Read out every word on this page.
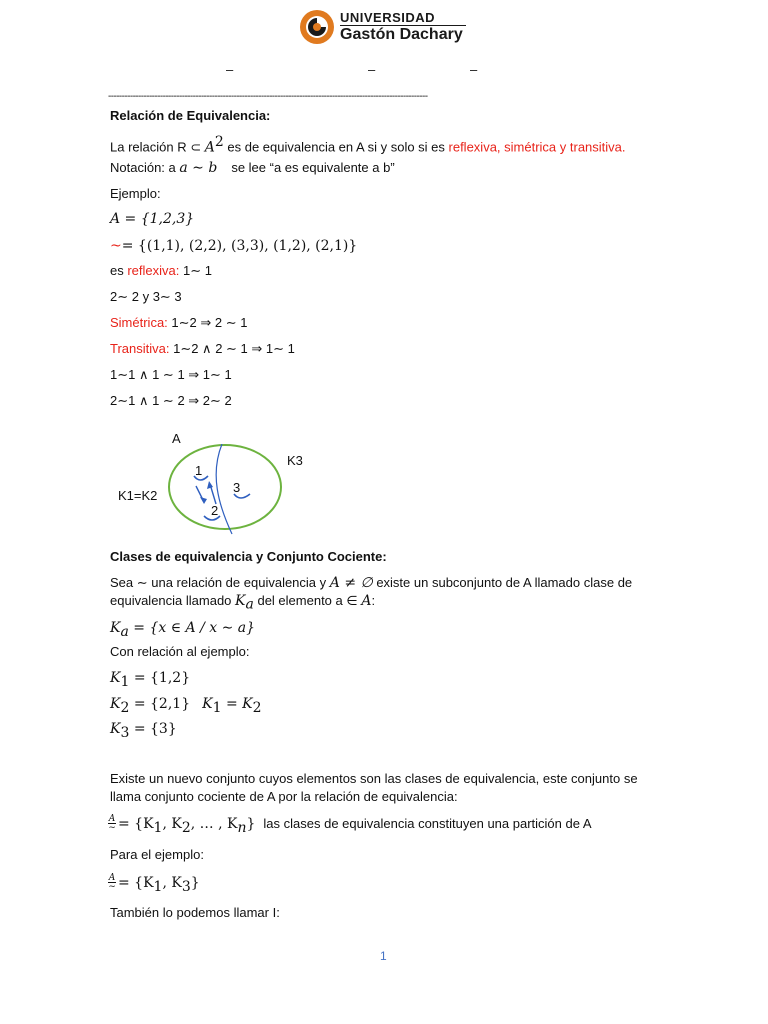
UNIVERSIDAD
Gastón Dachary
–	–	–
---------------------------------------------------------------------------------------------------------------------
Relación de Equivalencia:
La relación R ⊂ $A^2$ es de equivalencia en A si y solo si es reflexiva, simétrica y transitiva.
Notación: a a ∼ b se lee “a es equivalente a b”
Ejemplo:
A = {1,2,3}
~= {(1,1), (2,2), (3,3), (1,2), (2,1)}
es reflexiva: 1∼ 1
2∼ 2 y 3∼ 3
Simétrica: 1∼2 ⇒ 2 ∼ 1
Transitiva: 1∼2 ∧ 2 ∼ 1 ⇒ 1∼ 1
1∼1 ∧ 1 ∼ 1 ⇒ 1∼ 1
2∼1 ∧ 1 ∼ 2 ⇒ 2∼ 2
A
K3
K1=K2
1
3
2
Clases de equivalencia y Conjunto Cociente:
Sea ∼ una relación de equivalencia y A ≠ ∅ existe un subconjunto de A llamado clase de
equivalencia llamado $K_a$ del elemento a ∈ A:
$K_a = \{x$ ∈ A / x ∼ a}
Con relación al ejemplo:
$K_1 = \{1,2\}$
$K_2 = \{2,1\} K_1 = K_2$
$K_3 = \{3\}$
Existe un nuevo conjunto cuyos elementos son las clases de equivalencia, este conjunto se
llama conjunto cociente de A por la relación de equivalencia:
$\frac{A}{\sim} = \{K_1$, $K_2$, … , $K_n$} las clases de equivalencia constituyen una partición de A
Para el ejemplo:
$\frac{A}{\sim} = \{K_1$, $K_3$}
También lo podemos llamar I:
1
